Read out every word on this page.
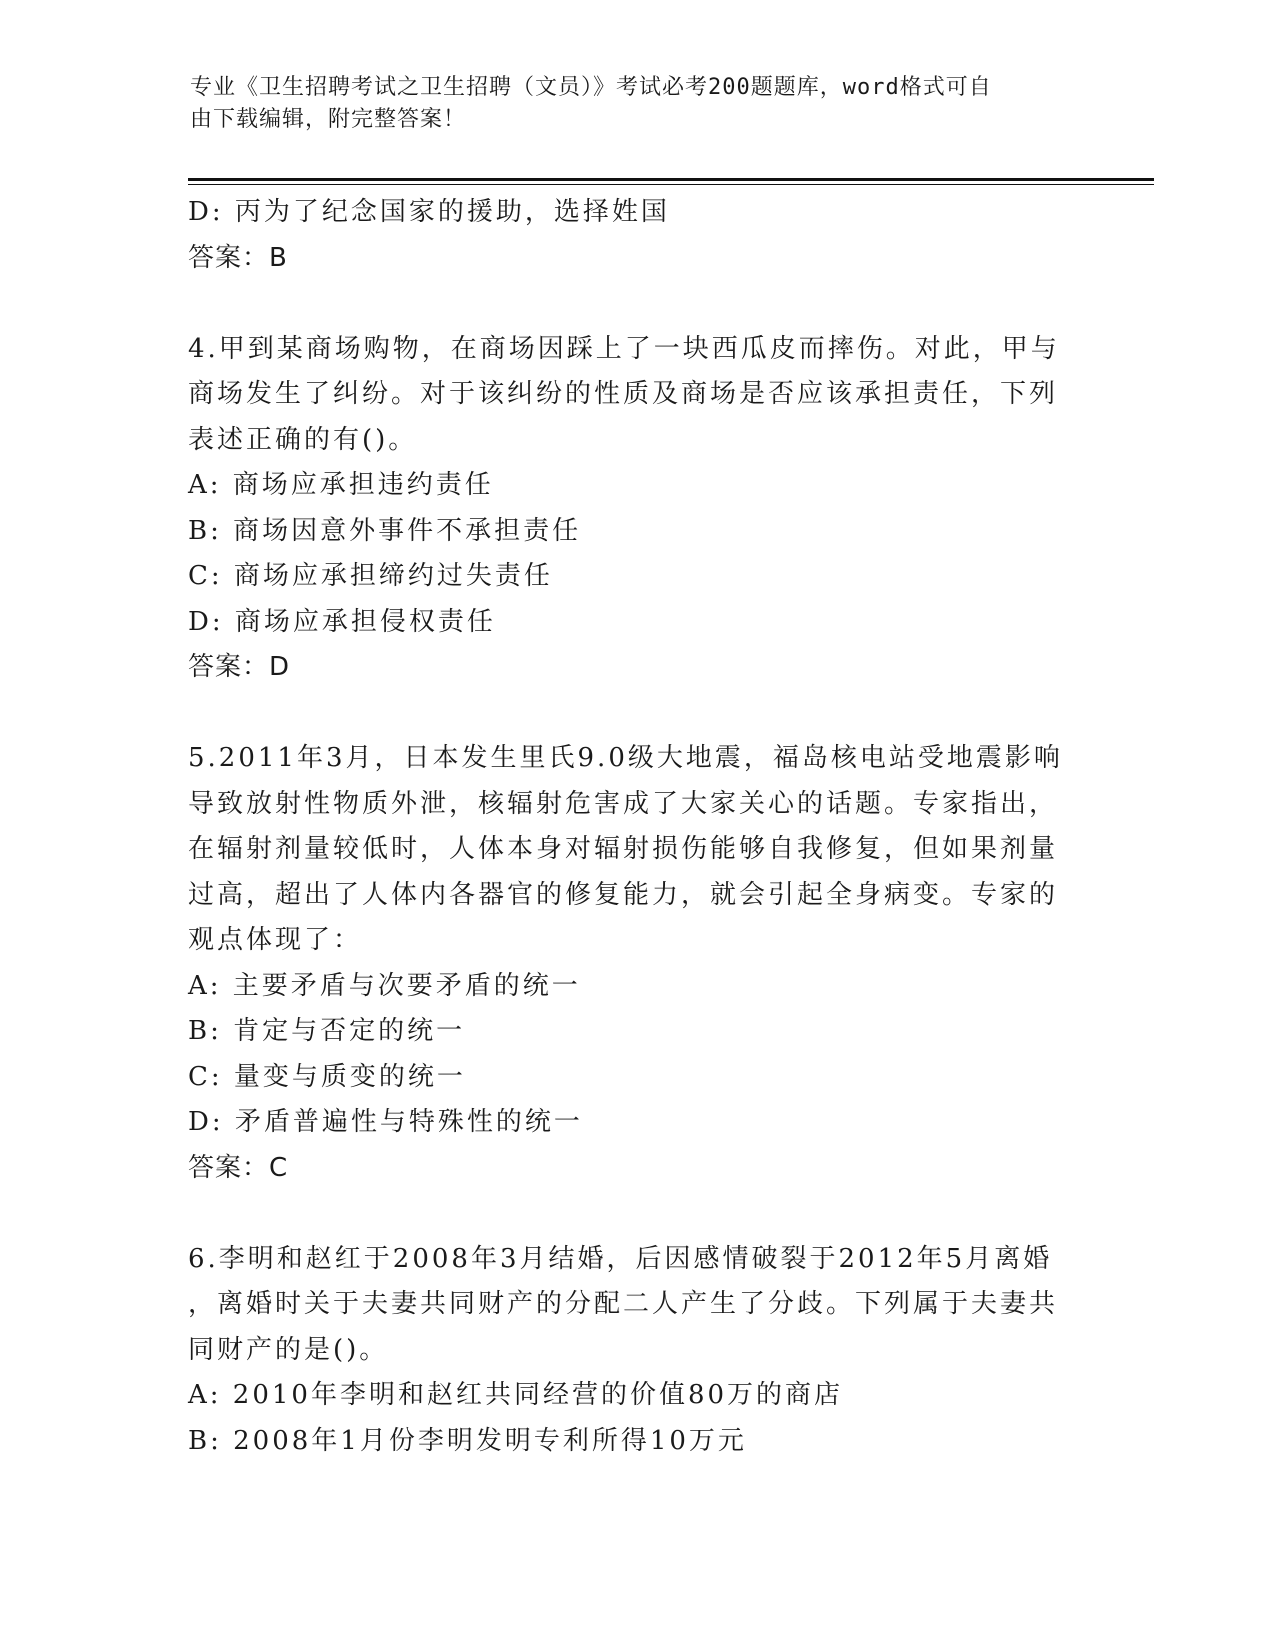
专业《卫生招聘考试之卫生招聘（文员）》考试必考200题题库，word格式可自
由下载编辑，附完整答案！
D: 丙为了纪念国家的援助，选择姓国
答案：B
4.甲到某商场购物，在商场因踩上了一块西瓜皮而摔伤。对此，甲与
商场发生了纠纷。对于该纠纷的性质及商场是否应该承担责任，下列
表述正确的有()。
A: 商场应承担违约责任
B: 商场因意外事件不承担责任
C: 商场应承担缔约过失责任
D: 商场应承担侵权责任
答案：D
5.2011年3月，日本发生里氏9.0级大地震，福岛核电站受地震影响
导致放射性物质外泄，核辐射危害成了大家关心的话题。专家指出，
在辐射剂量较低时，人体本身对辐射损伤能够自我修复，但如果剂量
过高，超出了人体内各器官的修复能力，就会引起全身病变。专家的
观点体现了：
A: 主要矛盾与次要矛盾的统一
B: 肯定与否定的统一
C: 量变与质变的统一
D: 矛盾普遍性与特殊性的统一
答案：C
6.李明和赵红于2008年3月结婚，后因感情破裂于2012年5月离婚
，离婚时关于夫妻共同财产的分配二人产生了分歧。下列属于夫妻共
同财产的是()。
A: 2010年李明和赵红共同经营的价值80万的商店
B: 2008年1月份李明发明专利所得10万元
